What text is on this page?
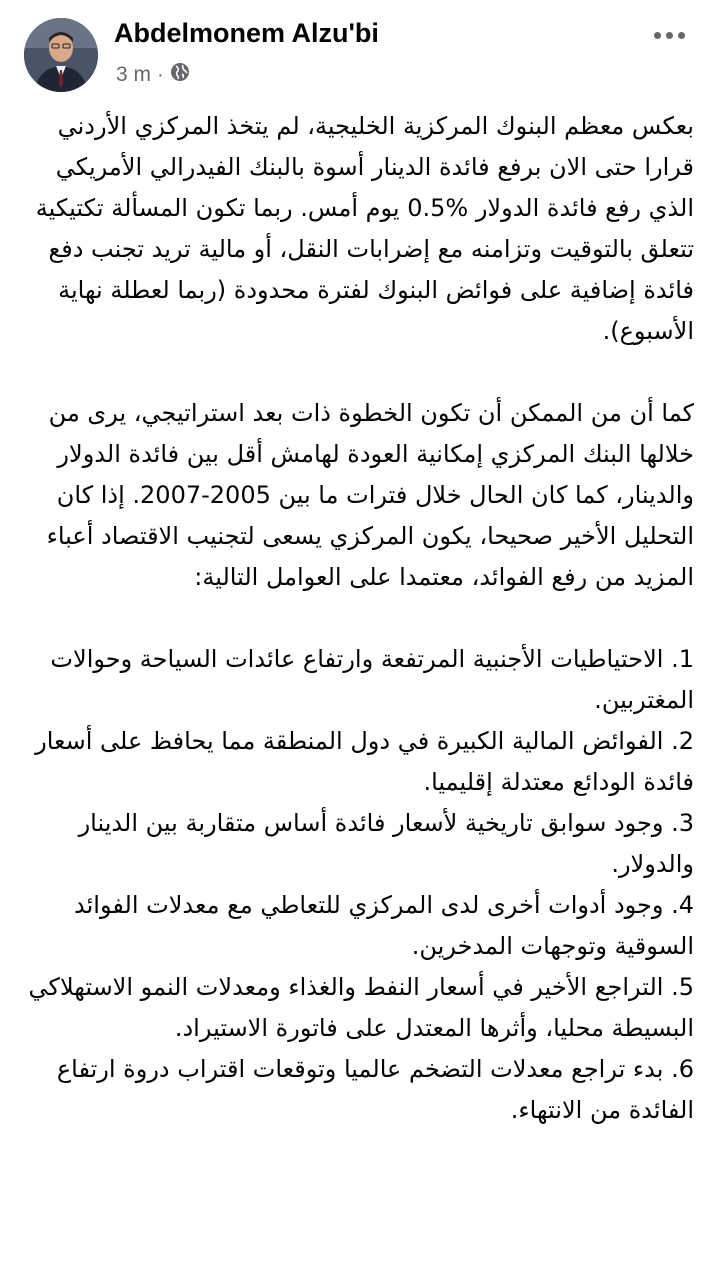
Abdelmonem Alzu'bi
3 m ·

بعكس معظم البنوك المركزية الخليجية، لم يتخذ المركزي الأردني قرارا حتى الان برفع فائدة الدينار أسوة بالبنك الفيدرالي الأمريكي الذي رفع فائدة الدولار ‎0.5%‎ يوم أمس. ربما تكون المسألة تكتيكية تتعلق بالتوقيت وتزامنه مع إضرابات النقل، أو مالية تريد تجنب دفع فائدة إضافية على فوائض البنوك لفترة محدودة (ربما لعطلة نهاية الأسبوع).

كما أن من الممكن أن تكون الخطوة ذات بعد استراتيجي، يرى من خلالها البنك المركزي إمكانية العودة لهامش أقل بين فائدة الدولار والدينار، كما كان الحال خلال فترات ما بين 2005-2007. إذا كان التحليل الأخير صحيحا، يكون المركزي يسعى لتجنيب الاقتصاد أعباء المزيد من رفع الفوائد، معتمدا على العوامل التالية:

1. الاحتياطيات الأجنبية المرتفعة وارتفاع عائدات السياحة وحوالات المغتربين.

2. الفوائض المالية الكبيرة في دول المنطقة مما يحافظ على أسعار فائدة الودائع معتدلة إقليميا.

3. وجود سوابق تاريخية لأسعار فائدة أساس متقاربة بين الدينار والدولار.

4. وجود أدوات أخرى لدى المركزي للتعاطي مع معدلات الفوائد السوقية وتوجهات المدخرين.

5. التراجع الأخير في أسعار النفط والغذاء ومعدلات النمو الاستهلاكي البسيطة محليا، وأثرها المعتدل على فاتورة الاستيراد.

6. بدء تراجع معدلات التضخم عالميا وتوقعات اقتراب دروة ارتفاع الفائدة من الانتهاء.
